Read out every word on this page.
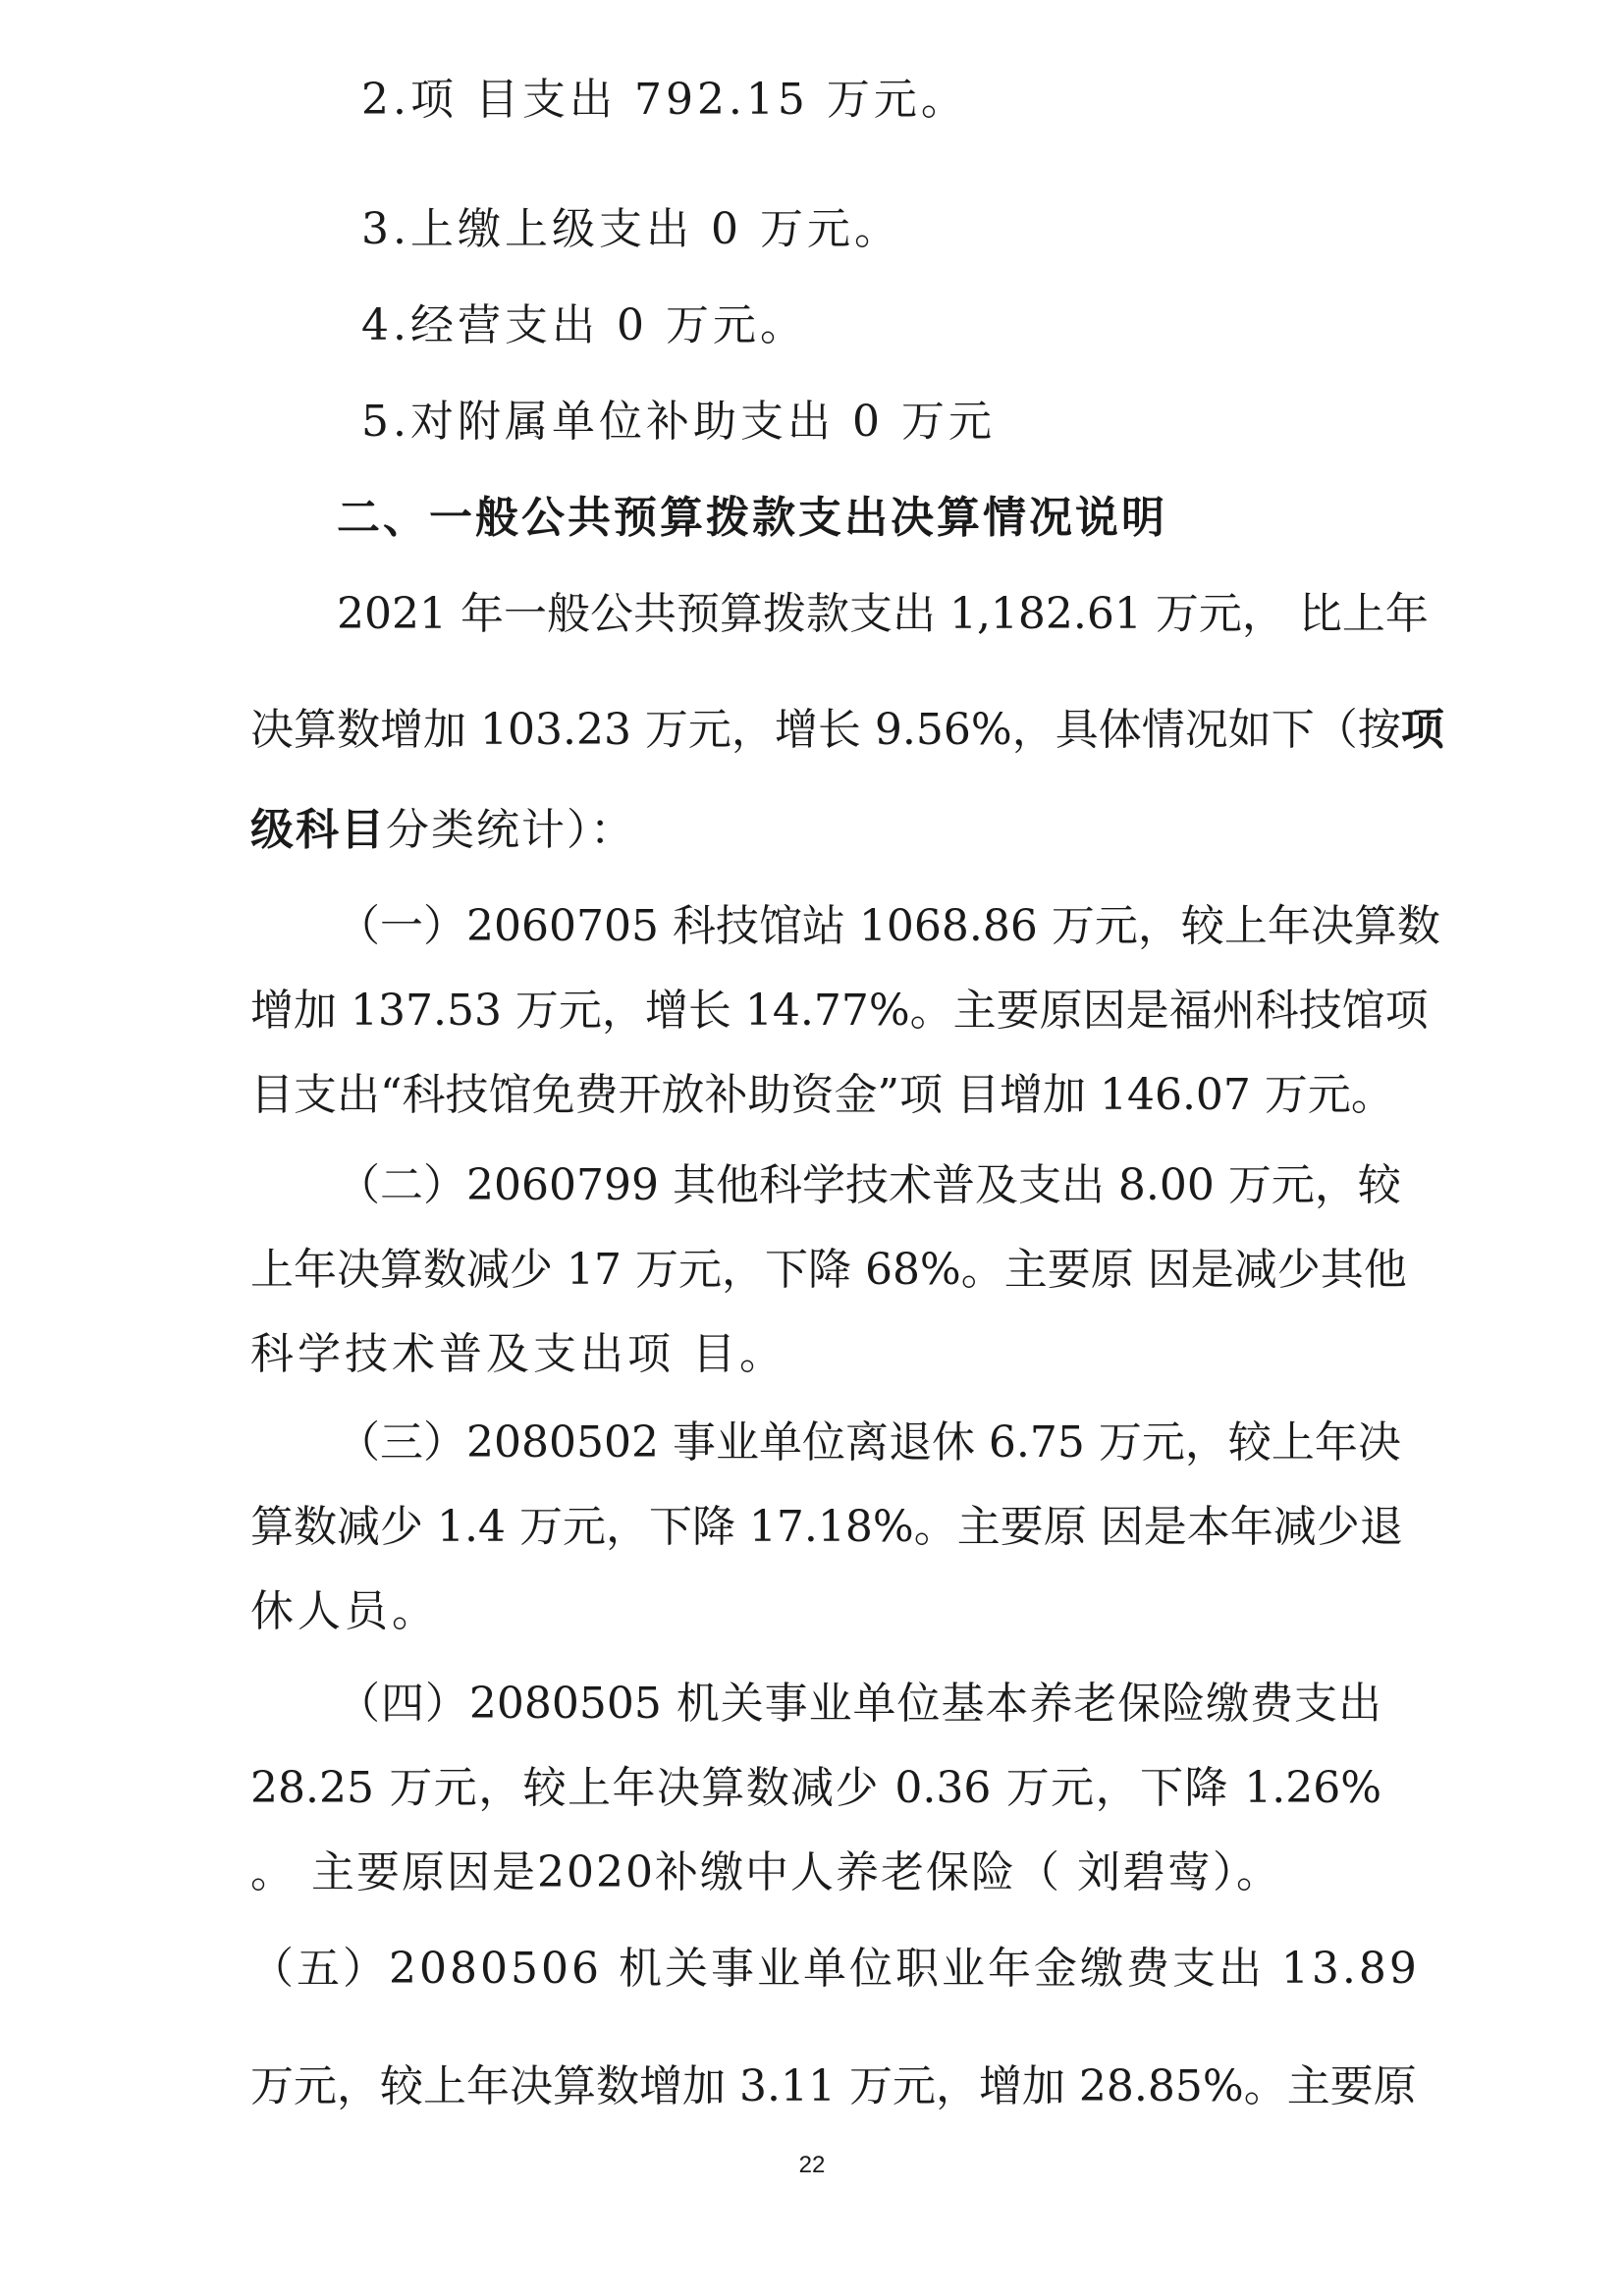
2.项 目支出 792.15 万元。
3.上缴上级支出 0 万元。
4.经营支出 0 万元。
5.对附属单位补助支出 0 万元
二、一般公共预算拨款支出决算情况说明
2021 年一般公共预算拨款支出 1,182.61 万元， 比上年
决算数增加 103.23 万元，增长 9.56%，具体情况如下（按 项
级科目分类统计）：
（一）2060705 科技馆站 1068.86 万元，较上年决算数
增加 137.53 万元，增长 14.77%。主要原因是福州科技馆项
目支出“科技馆免费开放补助资金”项 目增加 146.07 万元。
（二）2060799 其他科学技术普及支出 8.00 万元，较
上年决算数减少 17 万元，下降 68%。主要原 因是减少其他
科学技术普及支出项 目。
（三）2080502 事业单位离退休 6.75 万元，较上年决
算数减少 1.4 万元，下降 17.18%。主要原 因是本年减少退
休人员。
（四）2080505 机关事业单位基本养老保险缴费支出
28.25 万元，较上年决算数减少 0.36 万元，下降 1.26%
。 主要原因是2020补缴中人养老保险（ 刘碧莺）。
（五）2080506 机关事业单位职业年金缴费支出 13.89
万元，较上年决算数增加 3.11 万元，增加 28.85%。主要原
22
